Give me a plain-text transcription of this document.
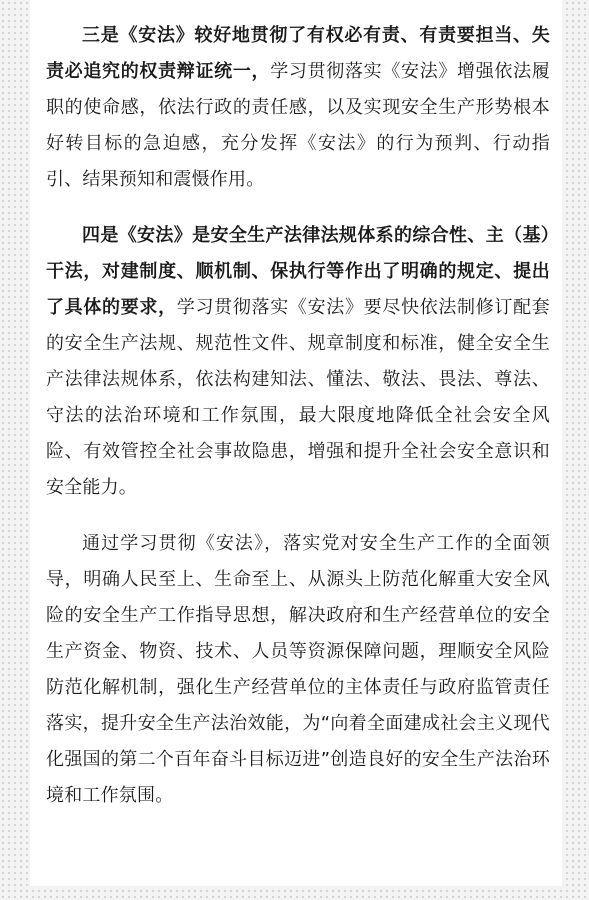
三是《安法》较好地贯彻了有权必有责、有责要担当、失责必追究的权责辩证统一，学习贯彻落实《安法》增强依法履职的使命感，依法行政的责任感，以及实现安全生产形势根本好转目标的急迫感，充分发挥《安法》的行为预判、行动指引、结果预知和震慑作用。

四是《安法》是安全生产法律法规体系的综合性、主（基）干法，对建制度、顺机制、保执行等作出了明确的规定、提出了具体的要求，学习贯彻落实《安法》要尽快依法制修订配套的安全生产法规、规范性文件、规章制度和标准，健全安全生产法律法规体系，依法构建知法、懂法、敬法、畏法、尊法、守法的法治环境和工作氛围，最大限度地降低全社会安全风险、有效管控全社会事故隐患，增强和提升全社会安全意识和安全能力。

通过学习贯彻《安法》，落实党对安全生产工作的全面领导，明确人民至上、生命至上、从源头上防范化解重大安全风险的安全生产工作指导思想，解决政府和生产经营单位的安全生产资金、物资、技术、人员等资源保障问题，理顺安全风险防范化解机制，强化生产经营单位的主体责任与政府监管责任落实，提升安全生产法治效能，为“向着全面建成社会主义现代化强国的第二个百年奋斗目标迈进”创造良好的安全生产法治环境和工作氛围。
